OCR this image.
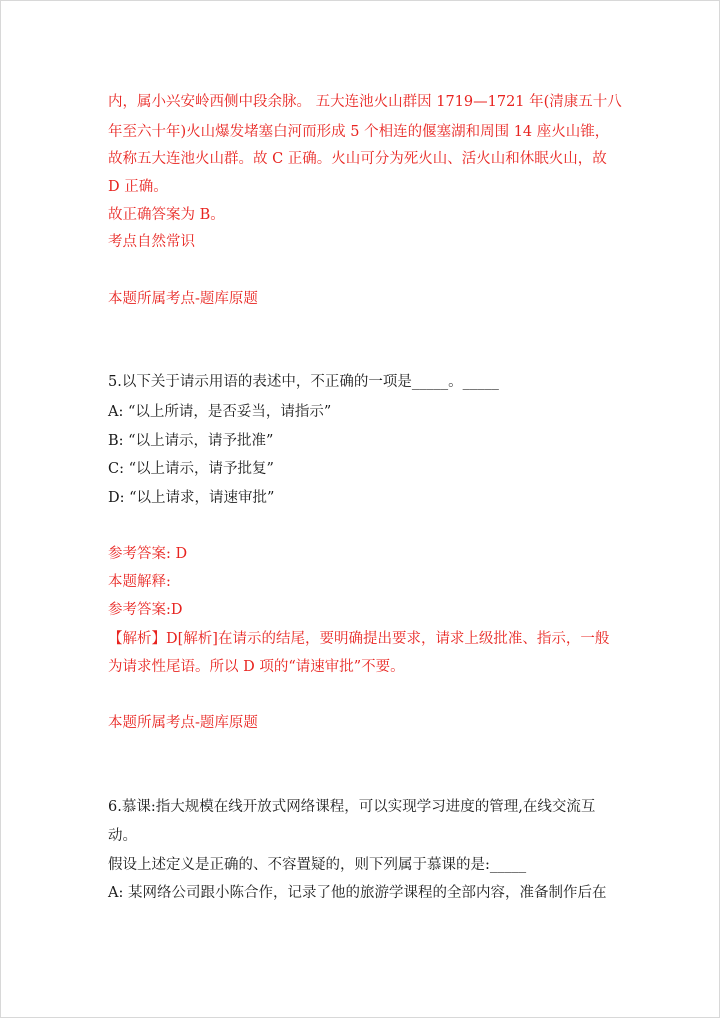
内，属小兴安岭西侧中段余脉。 五大连池火山群因 1719—1721 年(清康五十八
年至六十年)火山爆发堵塞白河而形成 5 个相连的偃塞湖和周围 14 座火山锥，
故称五大连池火山群。故 C 正确。火山可分为死火山、活火山和休眠火山，故
D 正确。
故正确答案为 B。
考点自然常识
本题所属考点-题库原题
5.以下关于请示用语的表述中，不正确的一项是_____。_____
A: “以上所请，是否妥当，请指示”
B: “以上请示，请予批准”
C: “以上请示，请予批复”
D: “以上请求，请速审批”
参考答案: D
本题解释:
参考答案:D
【解析】D[解析]在请示的结尾，要明确提出要求，请求上级批准、指示，一般
为请求性尾语。所以 D 项的“请速审批”不要。
本题所属考点-题库原题
6.慕课:指大规模在线开放式网络课程，可以实现学习进度的管理,在线交流互
动。
假设上述定义是正确的、不容置疑的，则下列属于慕课的是:_____
A: 某网络公司跟小陈合作，记录了他的旅游学课程的全部内容，准备制作后在
